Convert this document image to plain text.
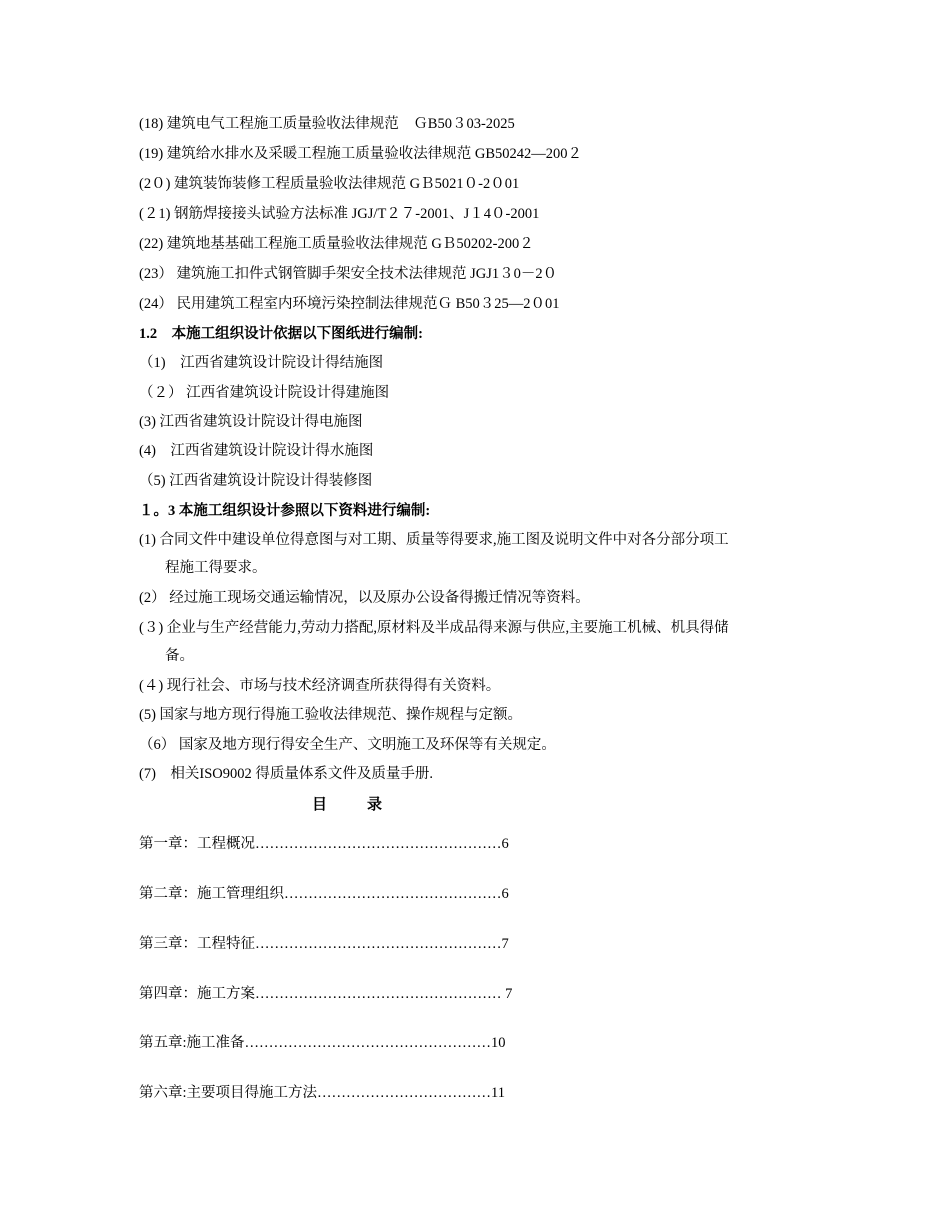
(18) 建筑电气工程施工质量验收法律规范　ＧB50３03-2025
(19) 建筑给水排水及采暖工程施工质量验收法律规范 GB50242—200２
(2０) 建筑装饰装修工程质量验收法律规范 GＢ5021０-2０01
(２1) 钢筋焊接接头试验方法标准 JGJ/T２７-2001、J１4０-2001
(22) 建筑地基基础工程施工质量验收法律规范 GＢ50202-200２
(23） 建筑施工扣件式钢管脚手架安全技术法律规范 JGJ1３0－2０
(24） 民用建筑工程室内环境污染控制法律规范Ｇ B50３25—2０01
1.2　本施工组织设计依据以下图纸进行编制:
（1)　江西省建筑设计院设计得结施图
（２） 江西省建筑设计院设计得建施图
(3) 江西省建筑设计院设计得电施图
(4)　江西省建筑设计院设计得水施图
（5) 江西省建筑设计院设计得装修图
１。3 本施工组织设计参照以下资料进行编制:
(1) 合同文件中建设单位得意图与对工期、质量等得要求,施工图及说明文件中对各分部分项工
程施工得要求。
(2） 经过施工现场交通运输情况，以及原办公设备得搬迁情况等资料。
(３) 企业与生产经营能力,劳动力搭配,原材料及半成品得来源与供应,主要施工机械、机具得储
备。
(４) 现行社会、市场与技术经济调查所获得得有关资料。
(5) 国家与地方现行得施工验收法律规范、操作规程与定额。
（6） 国家及地方现行得安全生产、文明施工及环保等有关规定。
(7)　相关ISO9002 得质量体系文件及质量手册.
目	录
第一章：工程概况……………………………………………6
第二章：施工管理组织………………………………………6
第三章：工程特征……………………………………………7
第四章：施工方案…………………………………………… 7
第五章:施工准备……………………………………………10
第六章:主要项目得施工方法………………………………11
